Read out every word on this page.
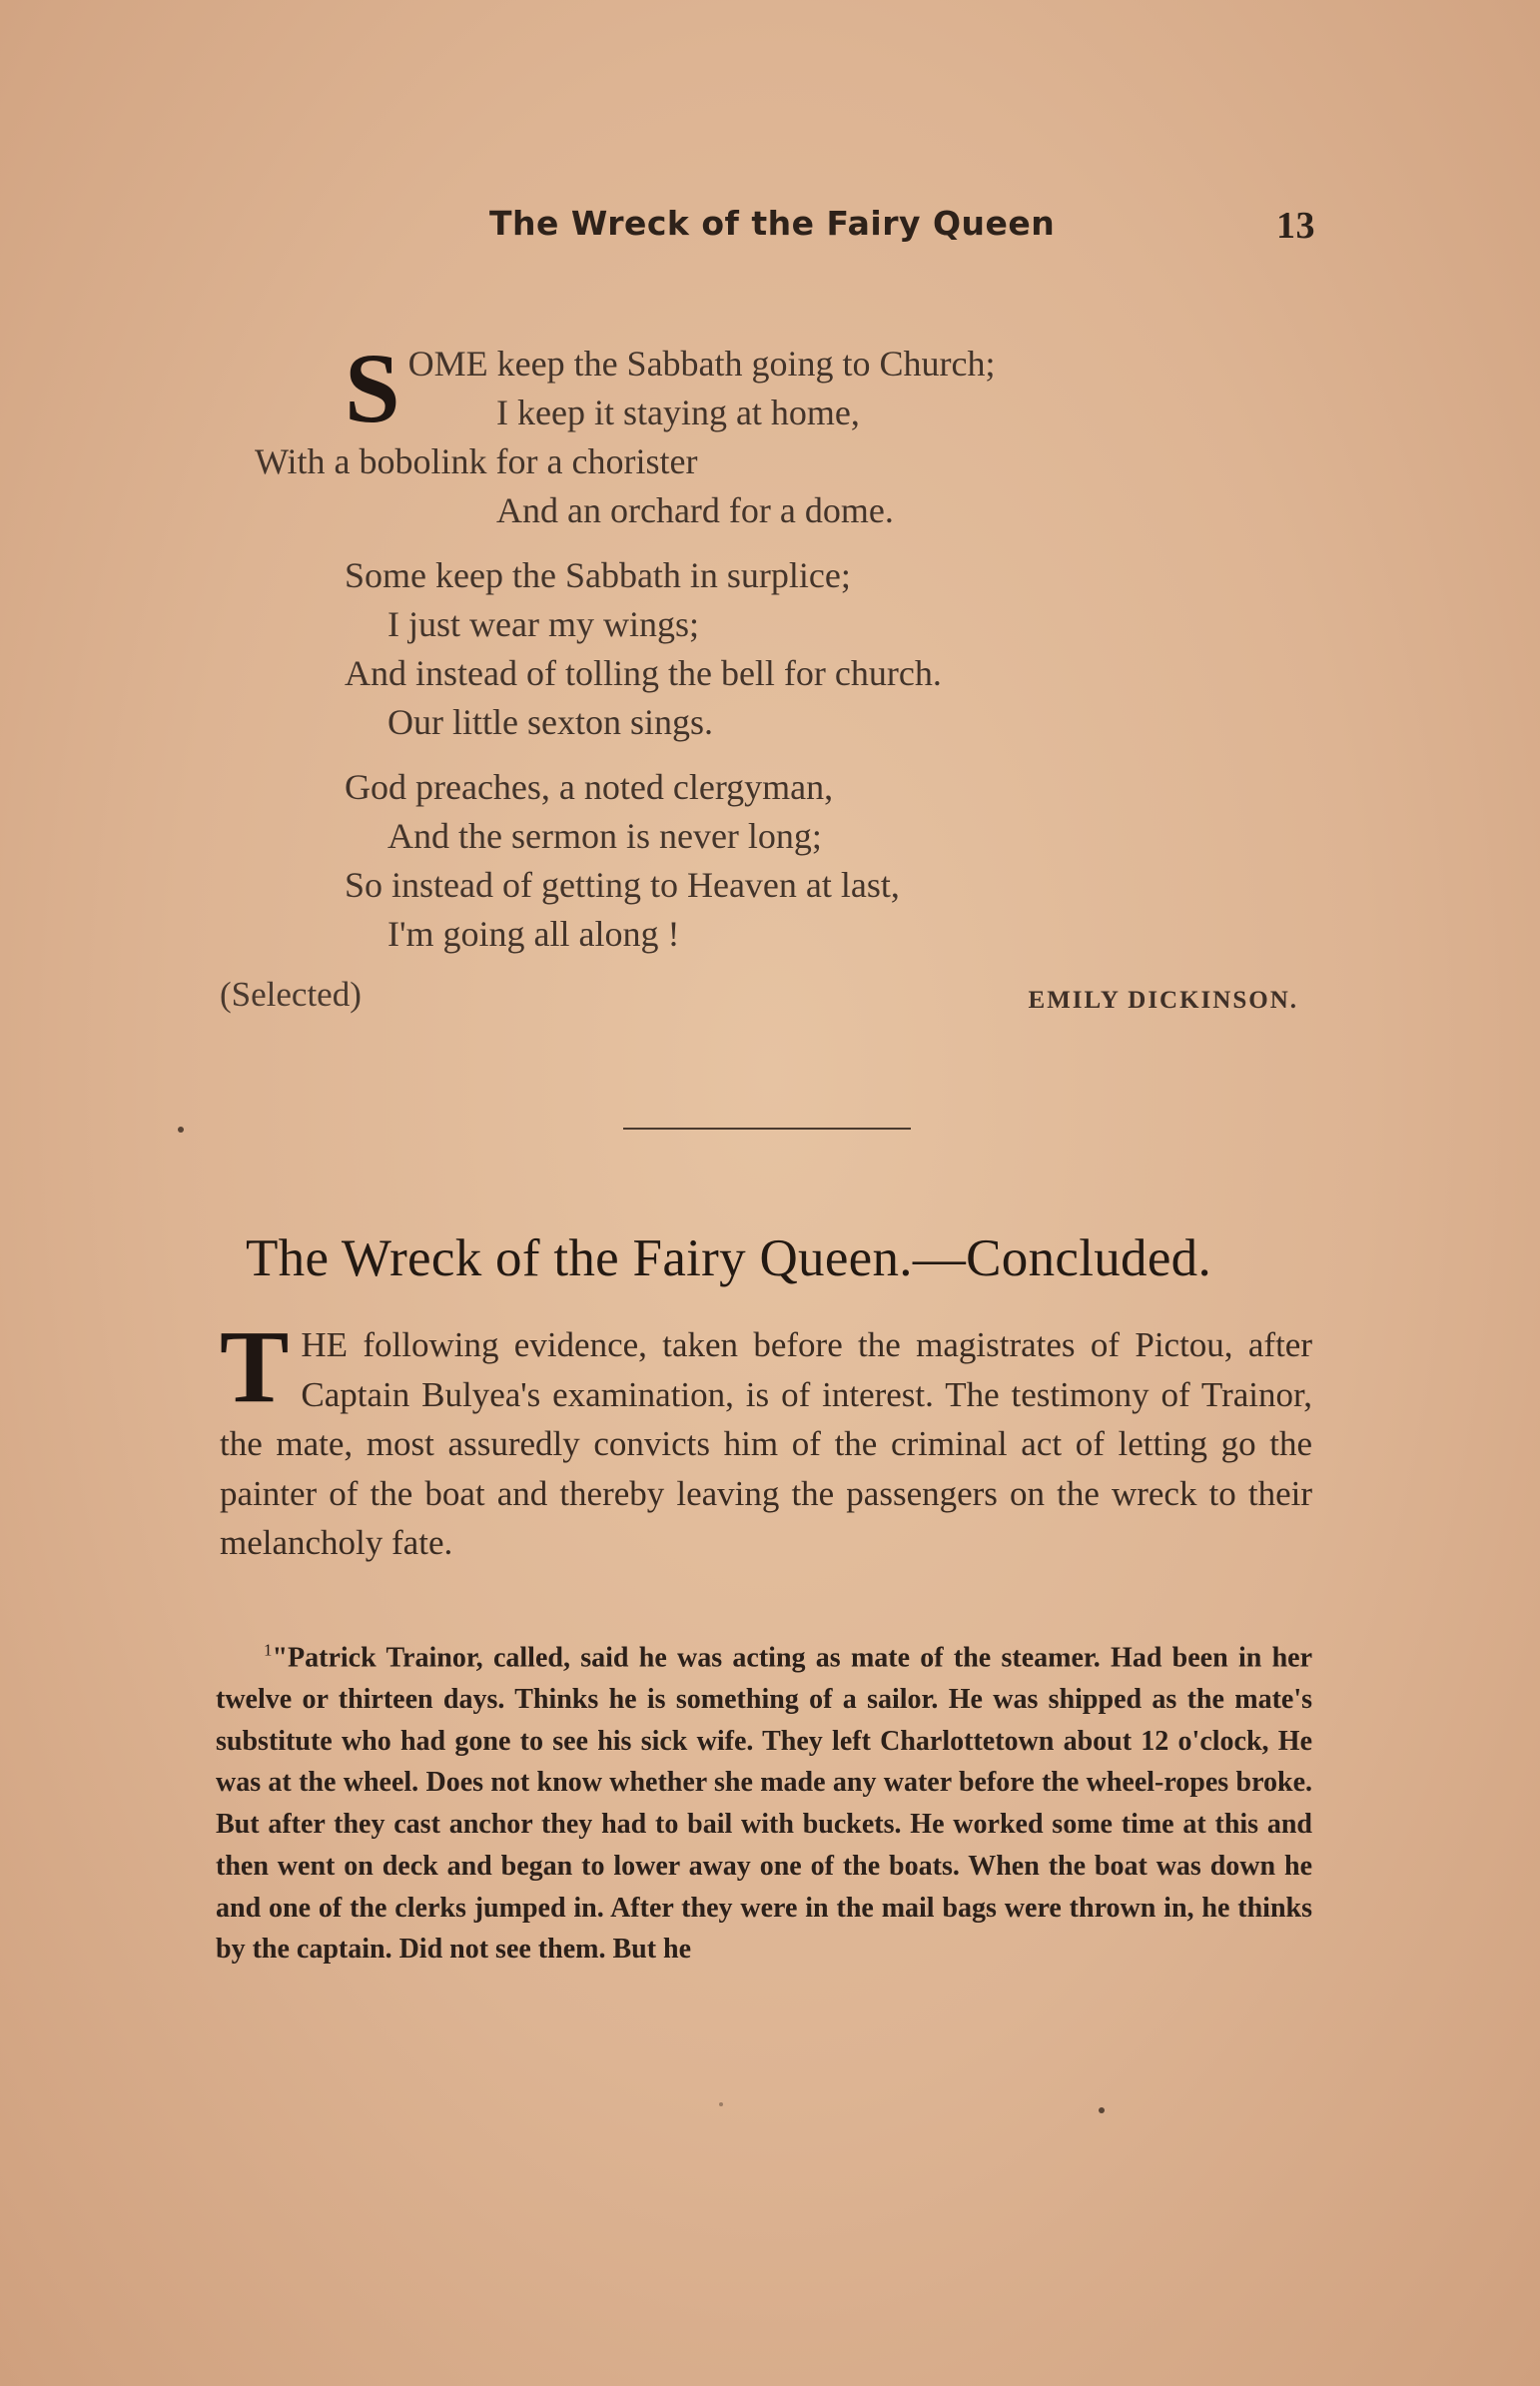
The Wreck of the Fairy Queen	13
S OME keep the Sabbath going to Church;
I keep it staying at home,
With a bobolink for a chorister
And an orchard for a dome.
Some keep the Sabbath in surplice;
I just wear my wings;
And instead of tolling the bell for church.
Our little sexton sings.
God preaches, a noted clergyman,
And the sermon is never long;
So instead of getting to Heaven at last,
I'm going all along !
(Selected)	EMILY DICKINSON.
The Wreck of the Fairy Queen.—Concluded.
T HE following evidence, taken before the magistrates of Pictou, after Captain Bulyea's examination, is of interest. The testimony of Trainor, the mate, most assuredly convicts him of the criminal act of letting go the painter of the boat and thereby leaving the passengers on the wreck to their melancholy fate.
$^1$"Patrick Trainor, called, said he was acting as mate of the steamer. Had been in her twelve or thirteen days. Thinks he is something of a sailor. He was shipped as the mate's substitute who had gone to see his sick wife. They left Charlottetown about 12 o'clock, He was at the wheel. Does not know whether she made any water before the wheel-ropes broke. But after they cast anchor they had to bail with buckets. He worked some time at this and then went on deck and began to lower away one of the boats. When the boat was down he and one of the clerks jumped in. After they were in the mail bags were thrown in, he thinks by the captain. Did not see them. But he
